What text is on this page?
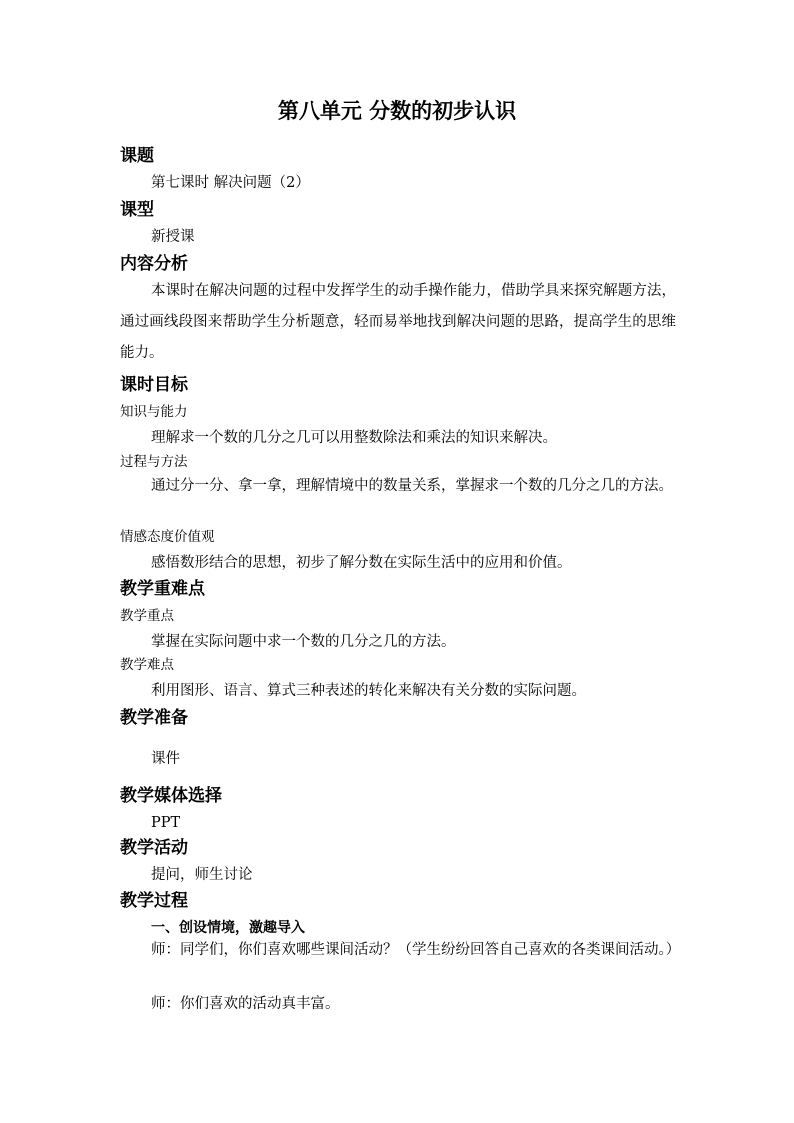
第八单元 分数的初步认识
课题
第七课时 解决问题（2）
课型
新授课
内容分析
本课时在解决问题的过程中发挥学生的动手操作能力，借助学具来探究解题方法，通过画线段图来帮助学生分析题意，轻而易举地找到解决问题的思路，提高学生的思维能力。
课时目标
知识与能力
理解求一个数的几分之几可以用整数除法和乘法的知识来解决。
过程与方法
通过分一分、拿一拿，理解情境中的数量关系，掌握求一个数的几分之几的方法。
情感态度价值观
感悟数形结合的思想，初步了解分数在实际生活中的应用和价值。
教学重难点
教学重点
掌握在实际问题中求一个数的几分之几的方法。
教学难点
利用图形、语言、算式三种表述的转化来解决有关分数的实际问题。
教学准备
课件
教学媒体选择
PPT
教学活动
提问，师生讨论
教学过程
一、创设情境，激趣导入
师：同学们，你们喜欢哪些课间活动？（学生纷纷回答自己喜欢的各类课间活动。）
师：你们喜欢的活动真丰富。
